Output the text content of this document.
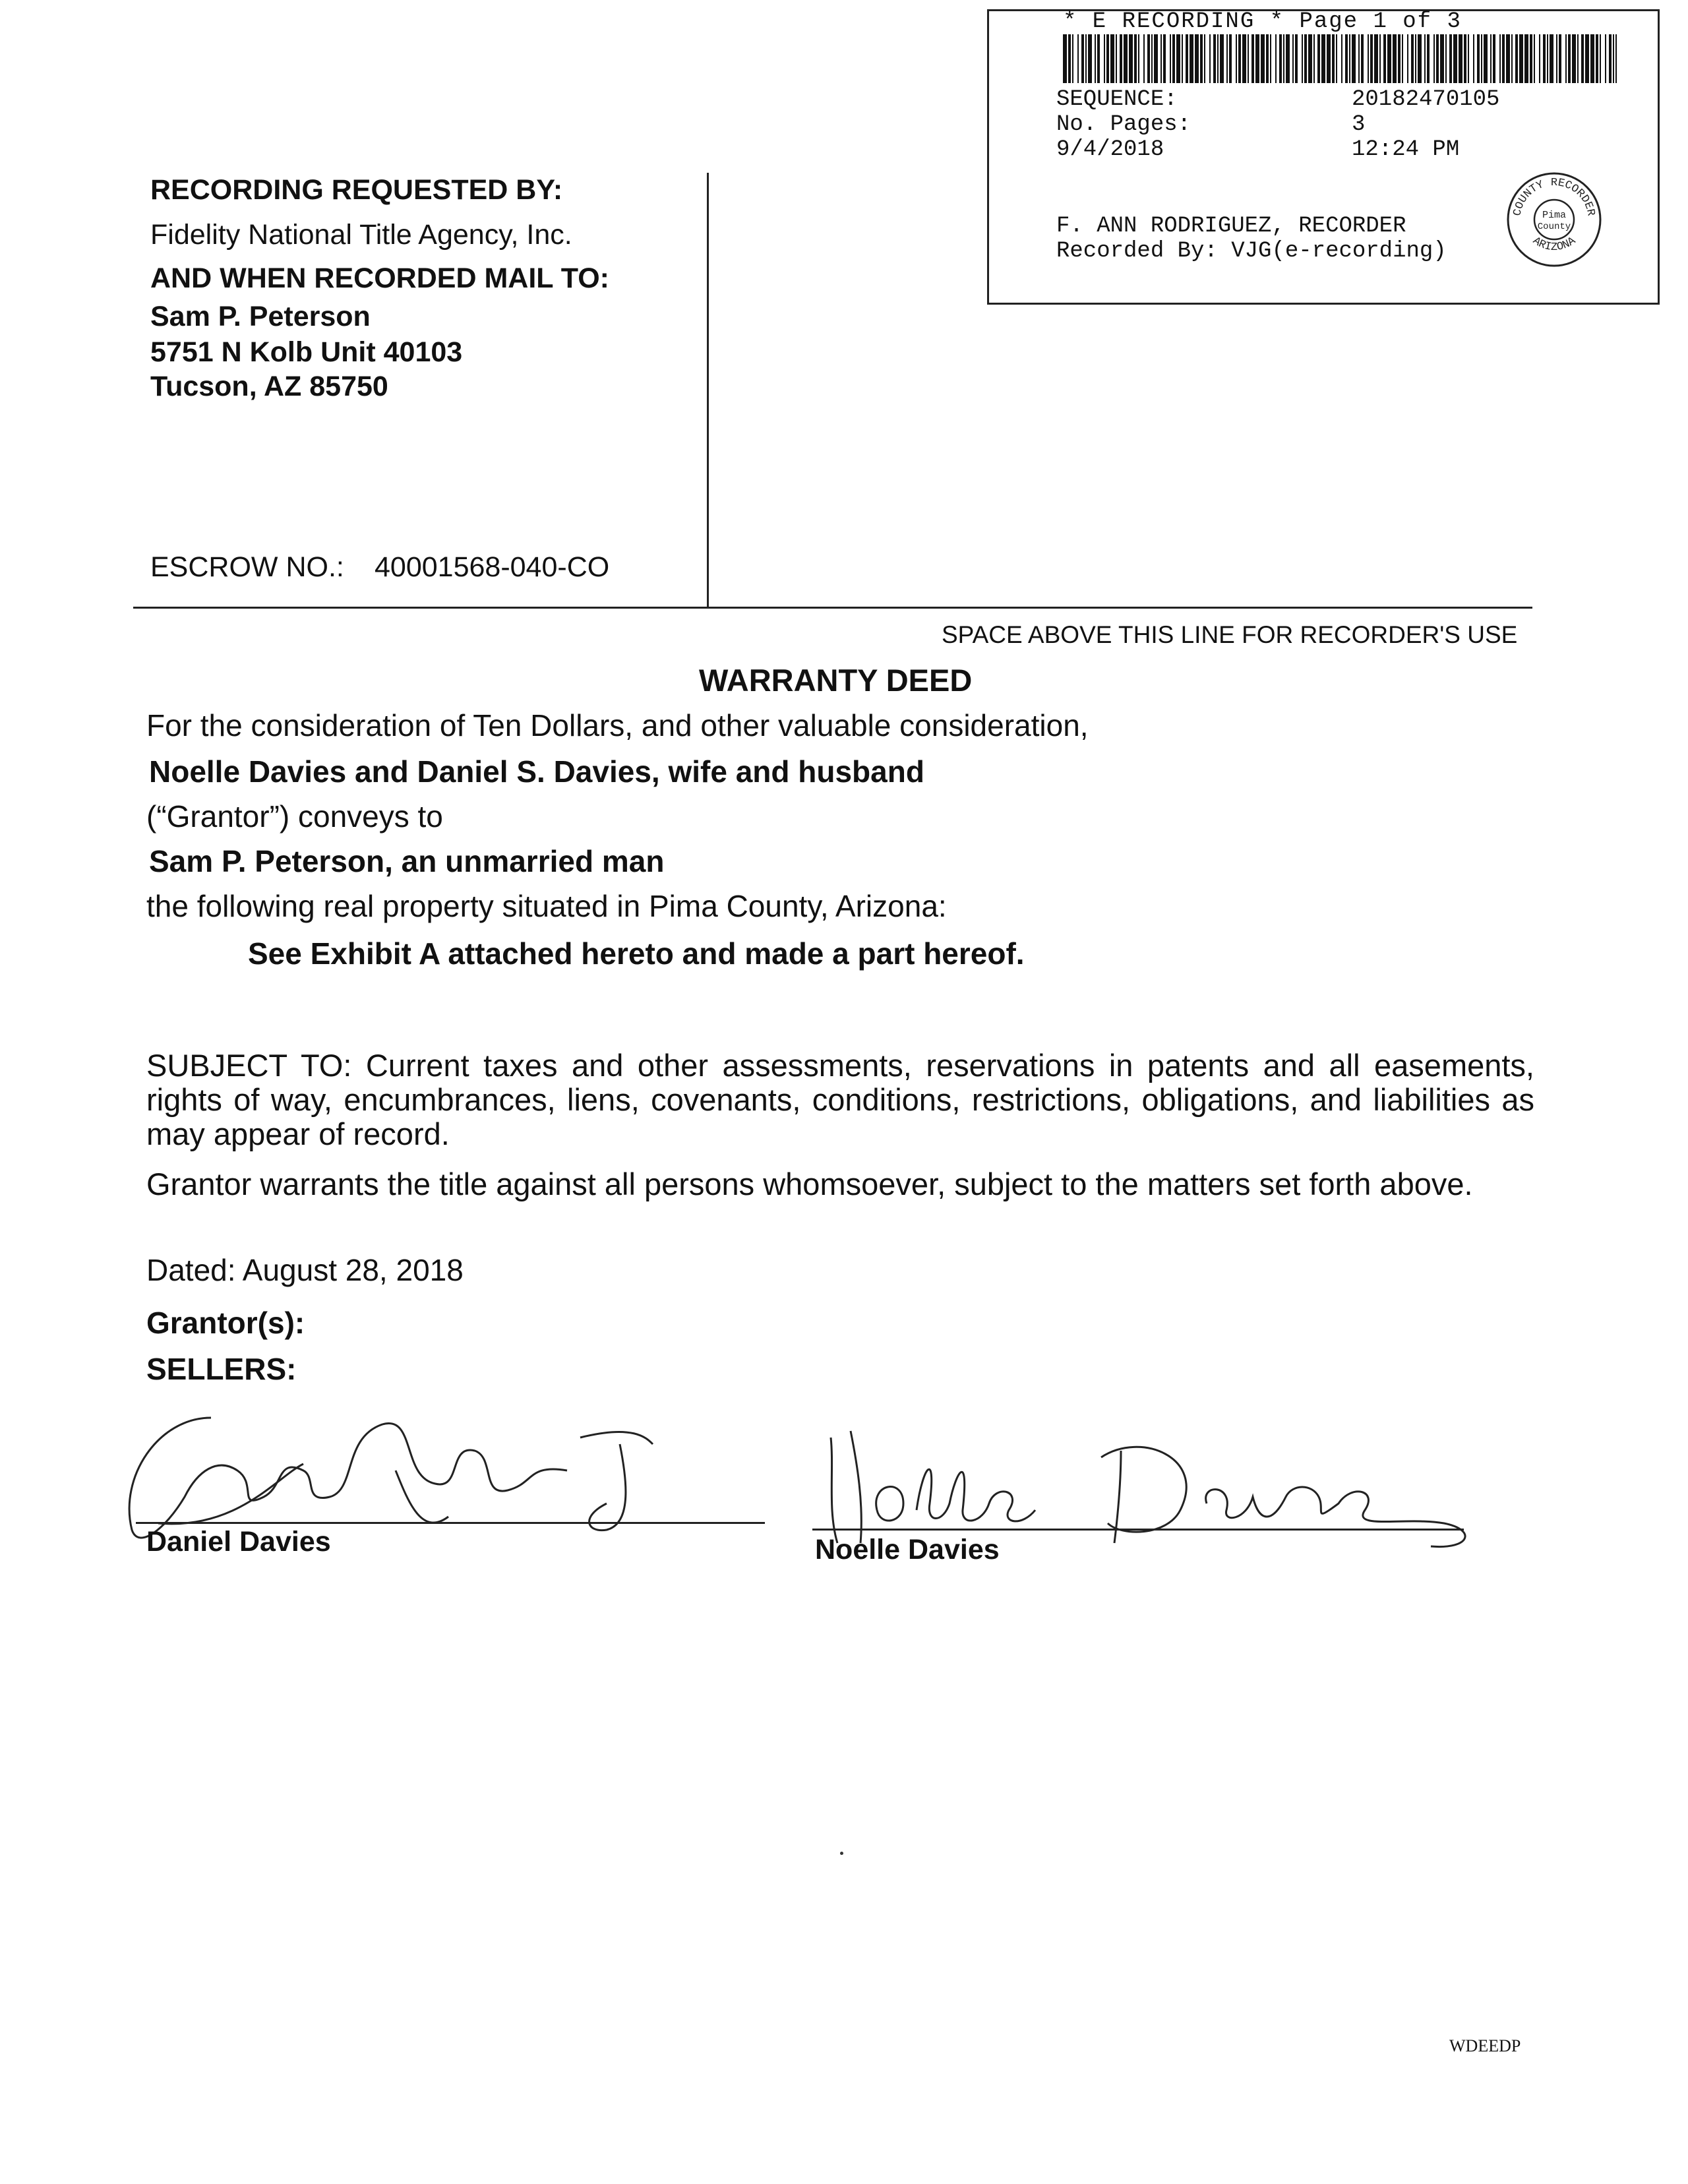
* E RECORDING * Page 1 of 3
SEQUENCE:	20182470105
No. Pages:	3
9/4/2018	12:24 PM
F. ANN RODRIGUEZ, RECORDER
Recorded By: VJG(e-recording)
COUNTY RECORDER
ARIZONA
Pima
County
RECORDING REQUESTED BY:
Fidelity National Title Agency, Inc.
AND WHEN RECORDED MAIL TO:
Sam P. Peterson
5751 N Kolb Unit 40103
Tucson, AZ 85750
ESCROW NO.: 40001568-040-CO
SPACE ABOVE THIS LINE FOR RECORDER'S USE
WARRANTY DEED
For the consideration of Ten Dollars, and other valuable consideration,
Noelle Davies and Daniel S. Davies, wife and husband
(“Grantor”) conveys to
Sam P. Peterson, an unmarried man
the following real property situated in Pima County, Arizona:
See Exhibit A attached hereto and made a part hereof.
SUBJECT TO: Current taxes and other assessments, reservations in patents and all easements, rights of way, encumbrances, liens, covenants, conditions, restrictions, obligations, and liabilities as may appear of record.
Grantor warrants the title against all persons whomsoever, subject to the matters set forth above.
Dated: August 28, 2018
Grantor(s):
SELLERS:
Daniel Davies	Noelle Davies
WDEEDP
